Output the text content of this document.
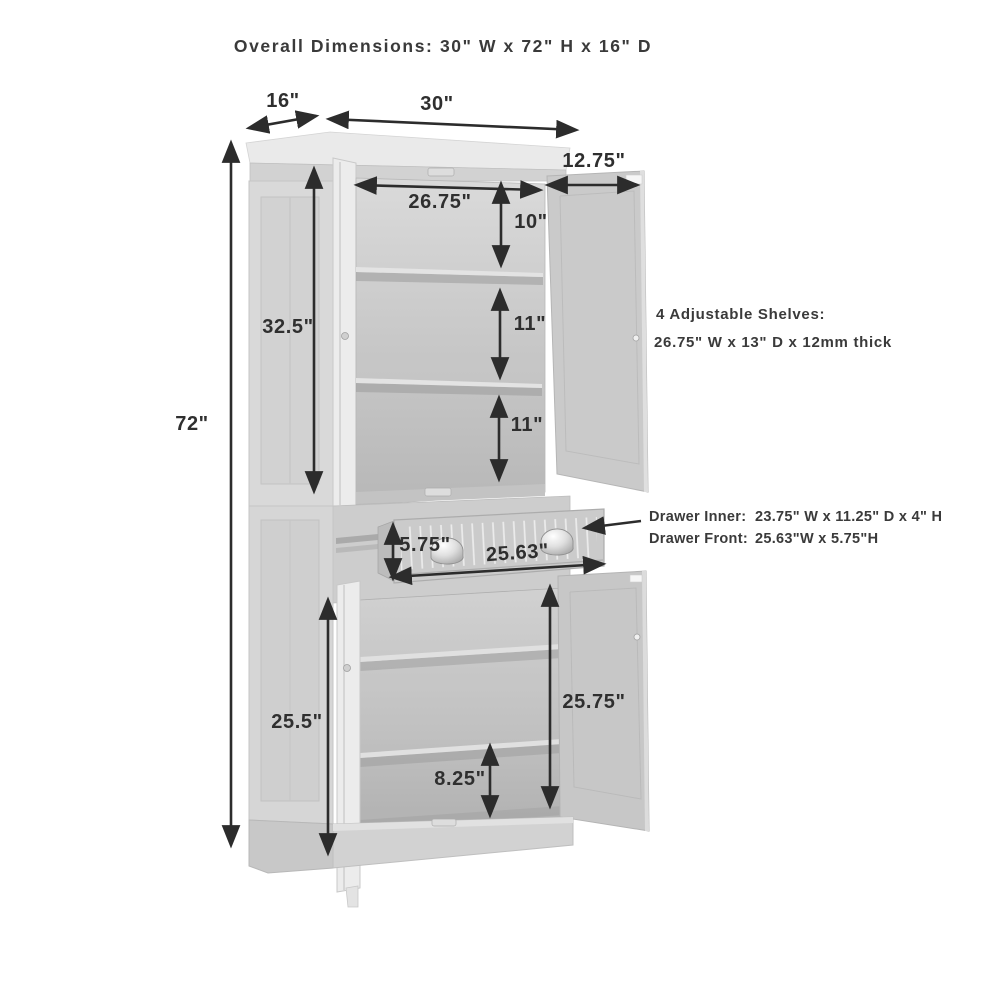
Overall Dimensions: 30" W x 72" H x 16" D
16"	30"
12.75"
26.75"
10"
11"
11"
32.5"
72"
5.75" 25.63"
25.5"
25.75"
8.25"
4 Adjustable Shelves:
26.75" W x 13" D x 12mm thick
Drawer Inner: 23.75" W x 11.25" D x 4" H
Drawer Front: 25.63"W x 5.75"H
